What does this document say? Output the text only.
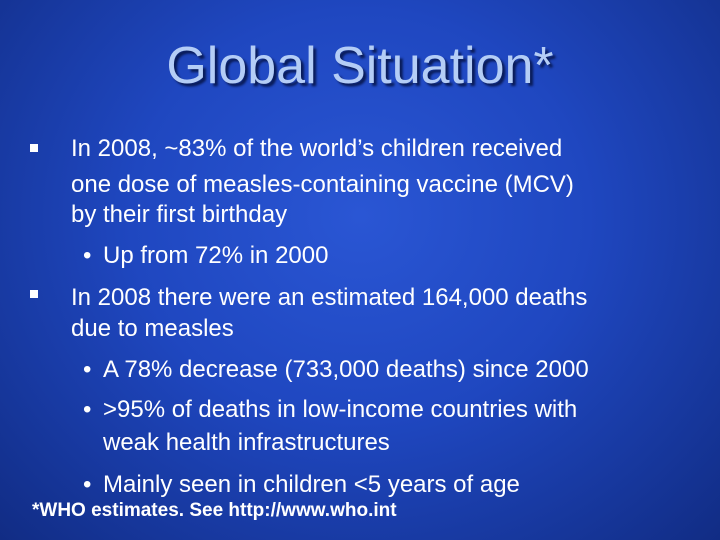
Global Situation*
In 2008, ~83% of the world’s children received
one dose of measles-containing vaccine (MCV)
by their first birthday
• Up from 72% in 2000
In 2008 there were an estimated 164,000 deaths
due to measles
• A 78% decrease (733,000 deaths) since 2000
• >95% of deaths in low-income countries with
weak health infrastructures
• Mainly seen in children <5 years of age
*WHO estimates. See http://www.who.int
